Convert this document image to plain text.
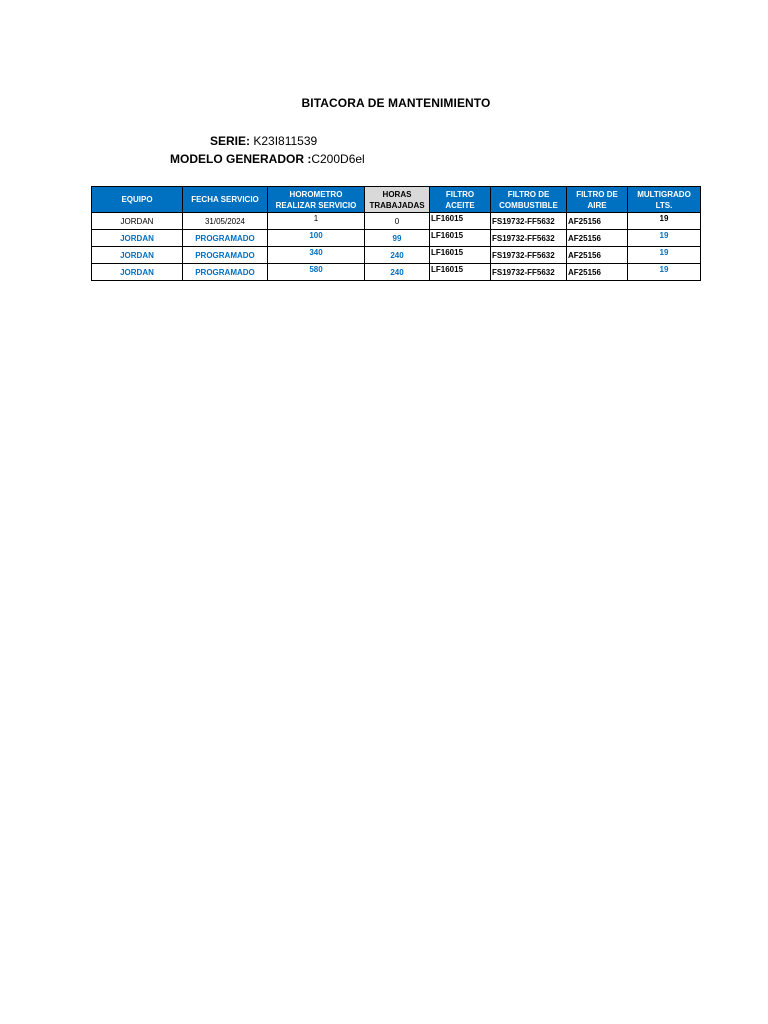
BITACORA DE MANTENIMIENTO
SERIE: K23I811539
MODELO GENERADOR :C200D6el
EQUIPO	FECHA SERVICIO	HOROMETRO REALIZAR SERVICIO	HORAS TRABAJADAS	FILTRO ACEITE	FILTRO DE COMBUSTIBLE	FILTRO DE AIRE	MULTIGRADO LTS.
JORDAN	31/05/2024	1	0	LF16015	FS19732-FF5632	AF25156	19
JORDAN	PROGRAMADO	100	99	LF16015	FS19732-FF5632	AF25156	19
JORDAN	PROGRAMADO	340	240	LF16015	FS19732-FF5632	AF25156	19
JORDAN	PROGRAMADO	580	240	LF16015	FS19732-FF5632	AF25156	19
